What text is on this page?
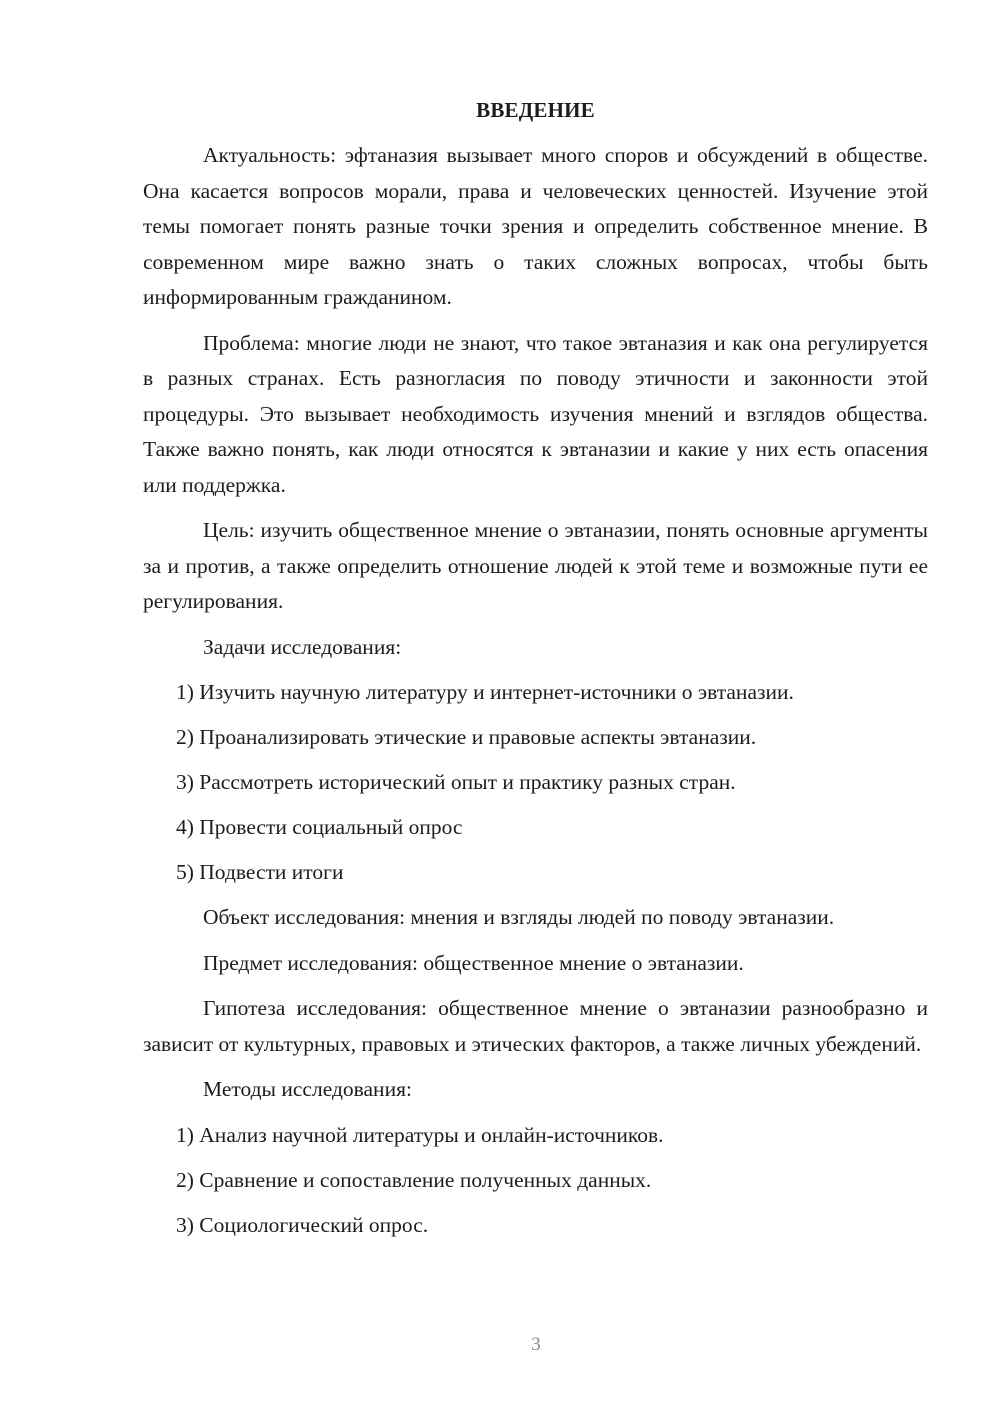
ВВЕДЕНИЕ

Актуальность: эфтаназия вызывает много споров и обсуждений в обществе. Она касается вопросов морали, права и человеческих ценностей. Изучение этой темы помогает понять разные точки зрения и определить собственное мнение. В современном мире важно знать о таких сложных вопросах, чтобы быть информированным гражданином.

Проблема: многие люди не знают, что такое эвтаназия и как она регулируется в разных странах. Есть разногласия по поводу этичности и законности этой процедуры. Это вызывает необходимость изучения мнений и взглядов общества. Также важно понять, как люди относятся к эвтаназии и какие у них есть опасения или поддержка.

Цель: изучить общественное мнение о эвтаназии, понять основные аргументы за и против, а также определить отношение людей к этой теме и возможные пути ее регулирования.

Задачи исследования:

1) Изучить научную литературу и интернет-источники о эвтаназии.
2) Проанализировать этические и правовые аспекты эвтаназии.
3) Рассмотреть исторический опыт и практику разных стран.
4) Провести социальный опрос
5) Подвести итоги

Объект исследования: мнения и взгляды людей по поводу эвтаназии.

Предмет исследования: общественное мнение о эвтаназии.

Гипотеза исследования: общественное мнение о эвтаназии разнообразно и зависит от культурных, правовых и этических факторов, а также личных убеждений.

Методы исследования:

1) Анализ научной литературы и онлайн-источников.
2) Сравнение и сопоставление полученных данных.
3) Социологический опрос.
3
